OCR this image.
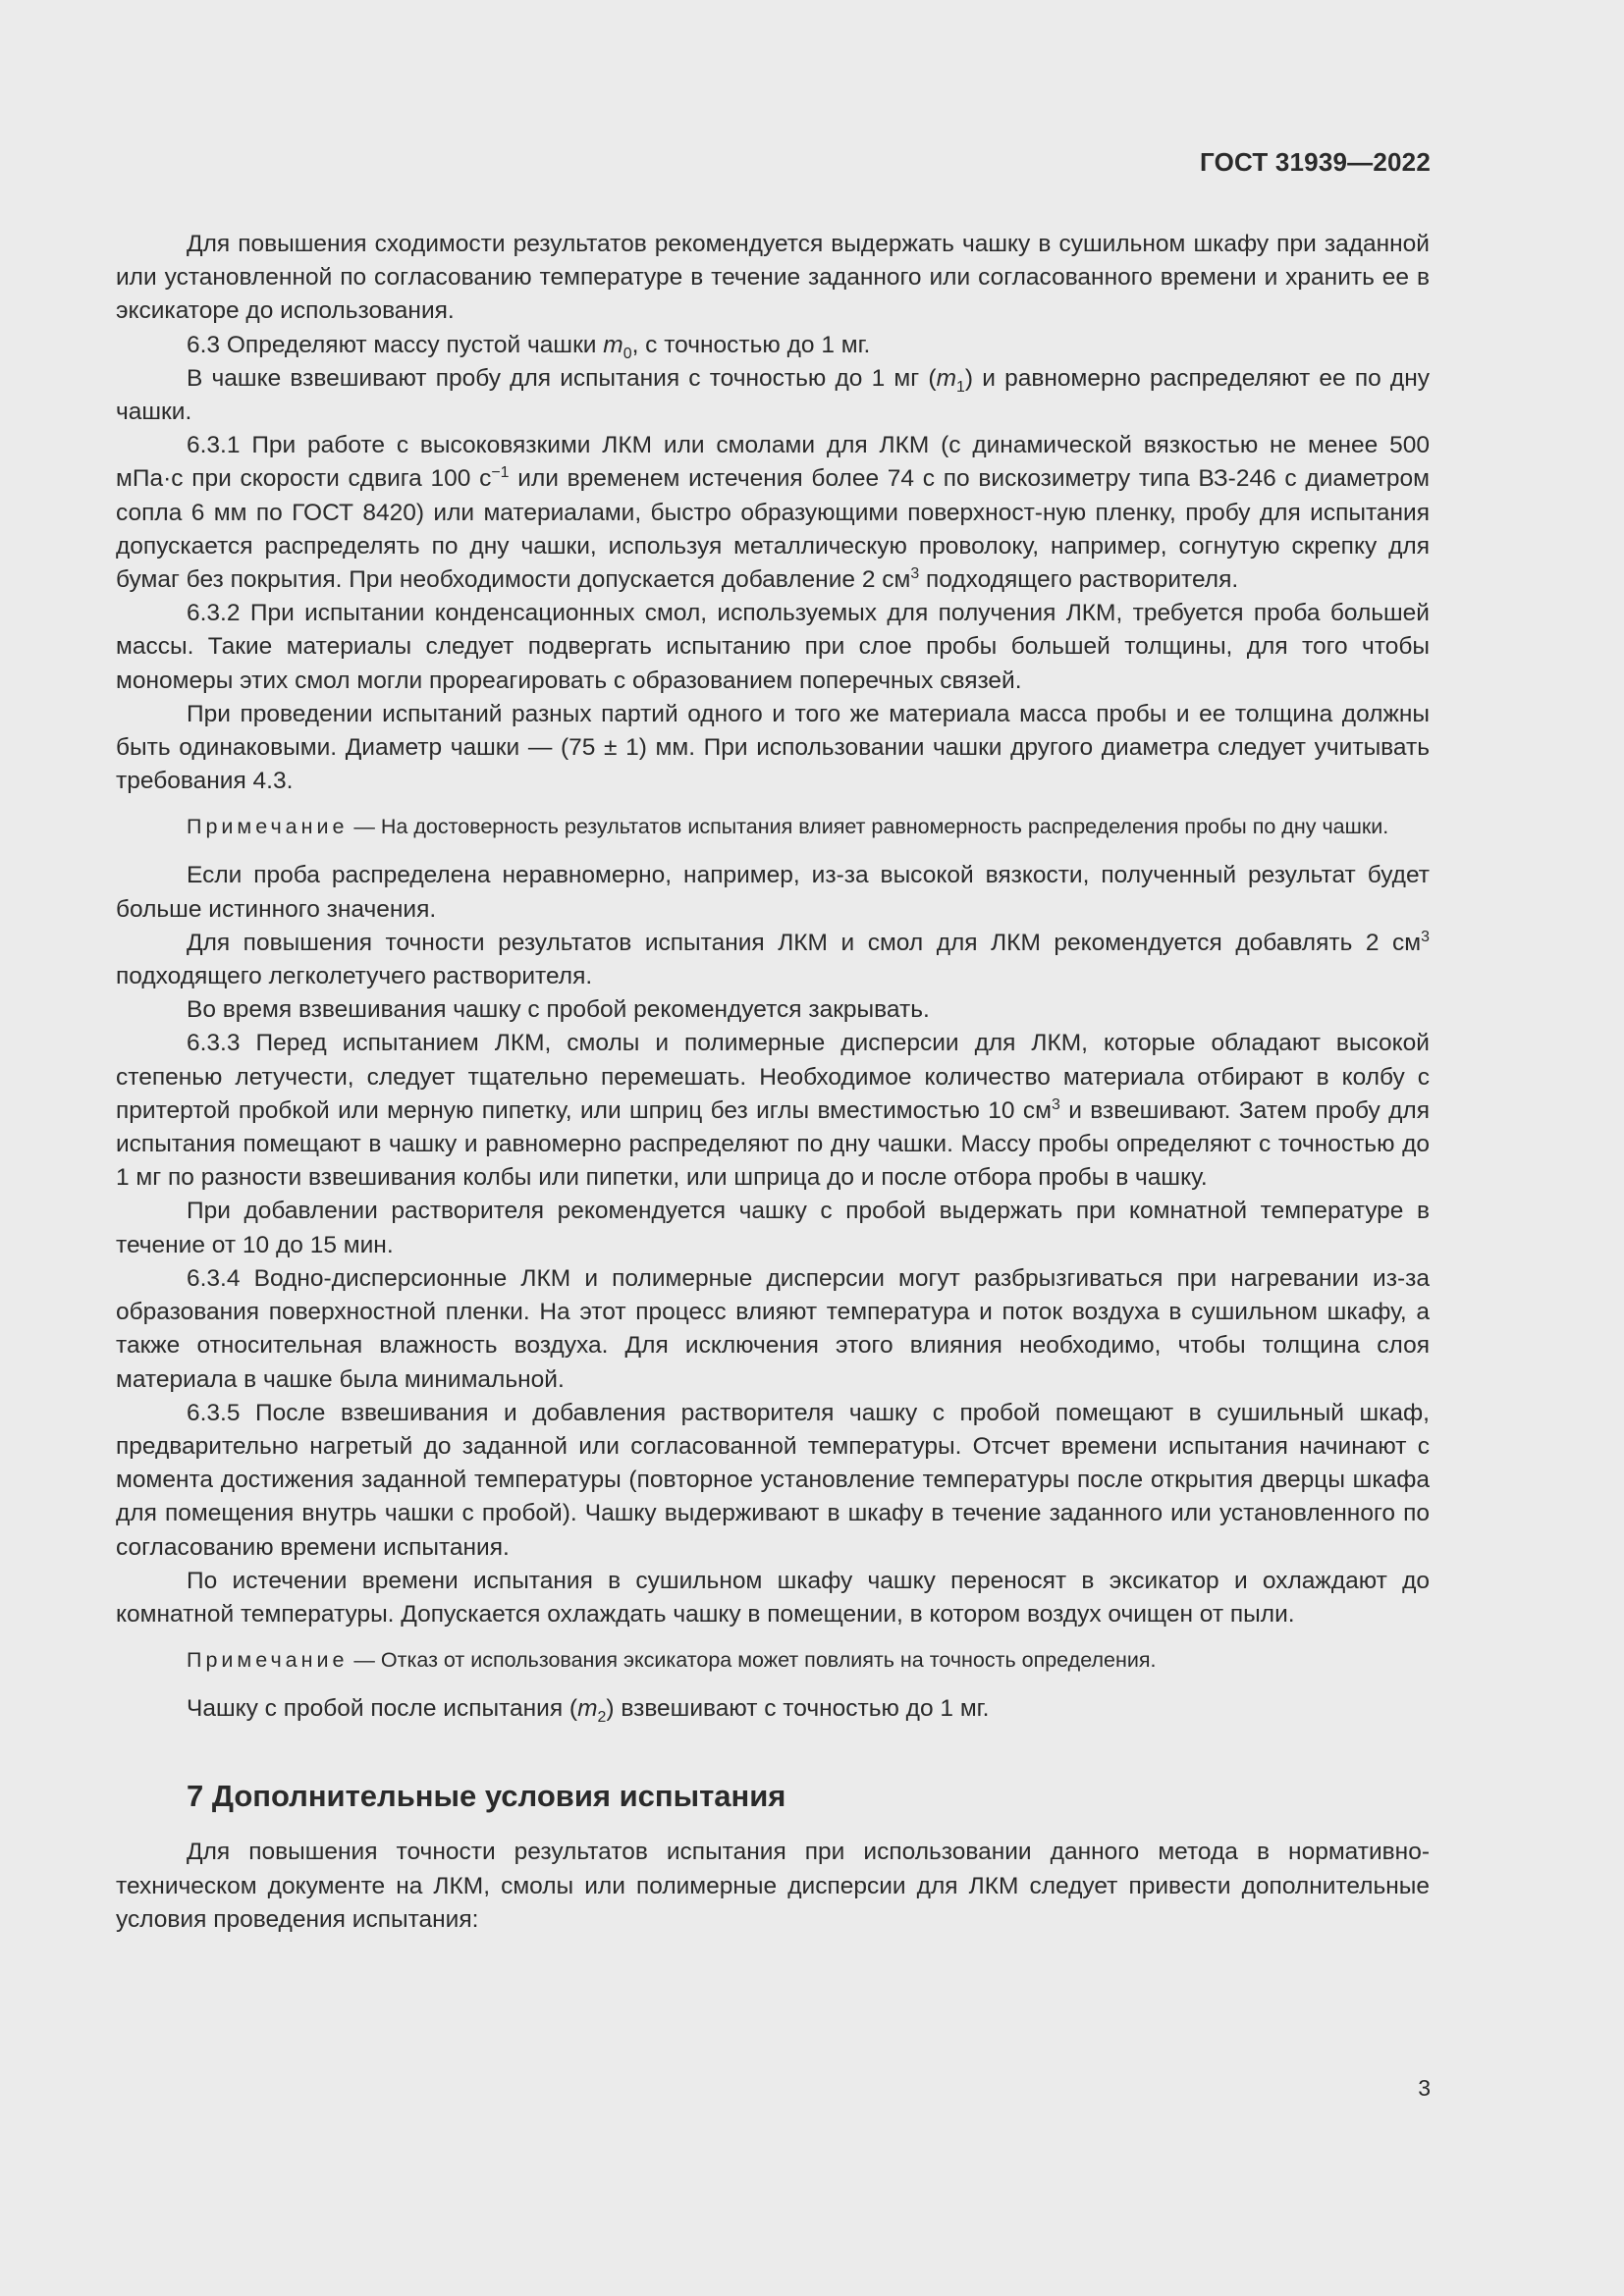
ГОСТ 31939—2022

Для повышения сходимости результатов рекомендуется выдержать чашку в сушильном шкафу при заданной или установленной по согласованию температуре в течение заданного или согласованного времени и хранить ее в эксикаторе до использования.

6.3 Определяют массу пустой чашки $m_0$, с точностью до 1 мг.

В чашке взвешивают пробу для испытания с точностью до 1 мг $(m_1)$ и равномерно распределяют ее по дну чашки.

6.3.1 При работе с высоковязкими ЛКМ или смолами для ЛКМ (с динамической вязкостью не менее 500 мПа·с при скорости сдвига 100 $с^{-1}$ или временем истечения более 74 с по вискозиметру типа ВЗ-246 с диаметром сопла 6 мм по ГОСТ 8420) или материалами, быстро образующими поверхност-ную пленку, пробу для испытания допускается распределять по дну чашки, используя металлическую проволоку, например, согнутую скрепку для бумаг без покрытия. При необходимости допускается добавление 2 $см^3$ подходящего растворителя.

6.3.2 При испытании конденсационных смол, используемых для получения ЛКМ, требуется проба большей массы. Такие материалы следует подвергать испытанию при слое пробы большей толщины, для того чтобы мономеры этих смол могли прореагировать с образованием поперечных связей.

При проведении испытаний разных партий одного и того же материала масса пробы и ее толщина должны быть одинаковыми. Диаметр чашки — (75 ± 1) мм. При использовании чашки другого диаметра следует учитывать требования 4.3.

Примечание — На достоверность результатов испытания влияет равномерность распределения пробы по дну чашки.

Если проба распределена неравномерно, например, из-за высокой вязкости, полученный результат будет больше истинного значения.

Для повышения точности результатов испытания ЛКМ и смол для ЛКМ рекомендуется добавлять 2 $см^3$ подходящего легколетучего растворителя.

Во время взвешивания чашку с пробой рекомендуется закрывать.

6.3.3 Перед испытанием ЛКМ, смолы и полимерные дисперсии для ЛКМ, которые обладают высокой степенью летучести, следует тщательно перемешать. Необходимое количество материала отбирают в колбу с притертой пробкой или мерную пипетку, или шприц без иглы вместимостью 10 $см^3$ и взвешивают. Затем пробу для испытания помещают в чашку и равномерно распределяют по дну чашки. Массу пробы определяют с точностью до 1 мг по разности взвешивания колбы или пипетки, или шприца до и после отбора пробы в чашку.

При добавлении растворителя рекомендуется чашку с пробой выдержать при комнатной температуре в течение от 10 до 15 мин.

6.3.4 Водно-дисперсионные ЛКМ и полимерные дисперсии могут разбрызгиваться при нагревании из-за образования поверхностной пленки. На этот процесс влияют температура и поток воздуха в сушильном шкафу, а также относительная влажность воздуха. Для исключения этого влияния необходимо, чтобы толщина слоя материала в чашке была минимальной.

6.3.5 После взвешивания и добавления растворителя чашку с пробой помещают в сушильный шкаф, предварительно нагретый до заданной или согласованной температуры. Отсчет времени испытания начинают с момента достижения заданной температуры (повторное установление температуры после открытия дверцы шкафа для помещения внутрь чашки с пробой). Чашку выдерживают в шкафу в течение заданного или установленного по согласованию времени испытания.

По истечении времени испытания в сушильном шкафу чашку переносят в эксикатор и охлаждают до комнатной температуры. Допускается охлаждать чашку в помещении, в котором воздух очищен от пыли.

Примечание — Отказ от использования эксикатора может повлиять на точность определения.

Чашку с пробой после испытания $(m_2)$ взвешивают с точностью до 1 мг.

7 Дополнительные условия испытания

Для повышения точности результатов испытания при использовании данного метода в нормативно-техническом документе на ЛКМ, смолы или полимерные дисперсии для ЛКМ следует привести дополнительные условия проведения испытания:

3
